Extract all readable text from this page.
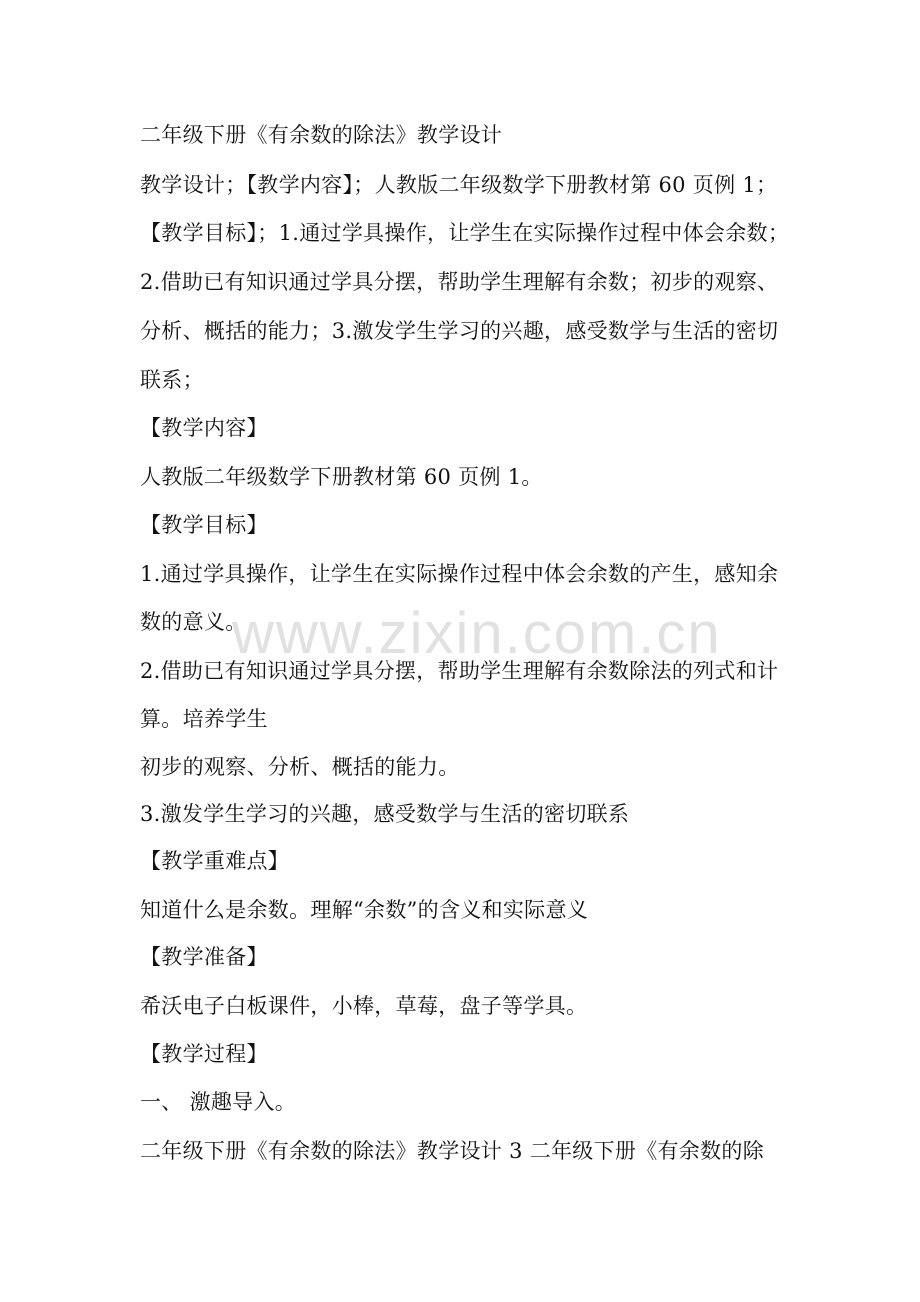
二年级下册《有余数的除法》教学设计
教学设计；【教学内容】；人教版二年级数学下册教材第 60 页例 1；
【教学目标】；1.通过学具操作，让学生在实际操作过程中体会余数；
2.借助已有知识通过学具分摆，帮助学生理解有余数；初步的观察、
分析、概括的能力；3.激发学生学习的兴趣，感受数学与生活的密切
联系；
【教学内容】
人教版二年级数学下册教材第 60 页例 1。
【教学目标】
1.通过学具操作，让学生在实际操作过程中体会余数的产生，感知余
数的意义。
2.借助已有知识通过学具分摆，帮助学生理解有余数除法的列式和计
算。培养学生
初步的观察、分析、概括的能力。
3.激发学生学习的兴趣，感受数学与生活的密切联系
【教学重难点】
知道什么是余数。理解“余数”的含义和实际意义
【教学准备】
希沃电子白板课件，小棒，草莓，盘子等学具。
【教学过程】
一、 激趣导入。
二年级下册《有余数的除法》教学设计 3 二年级下册《有余数的除
www.zixin.com.cn
